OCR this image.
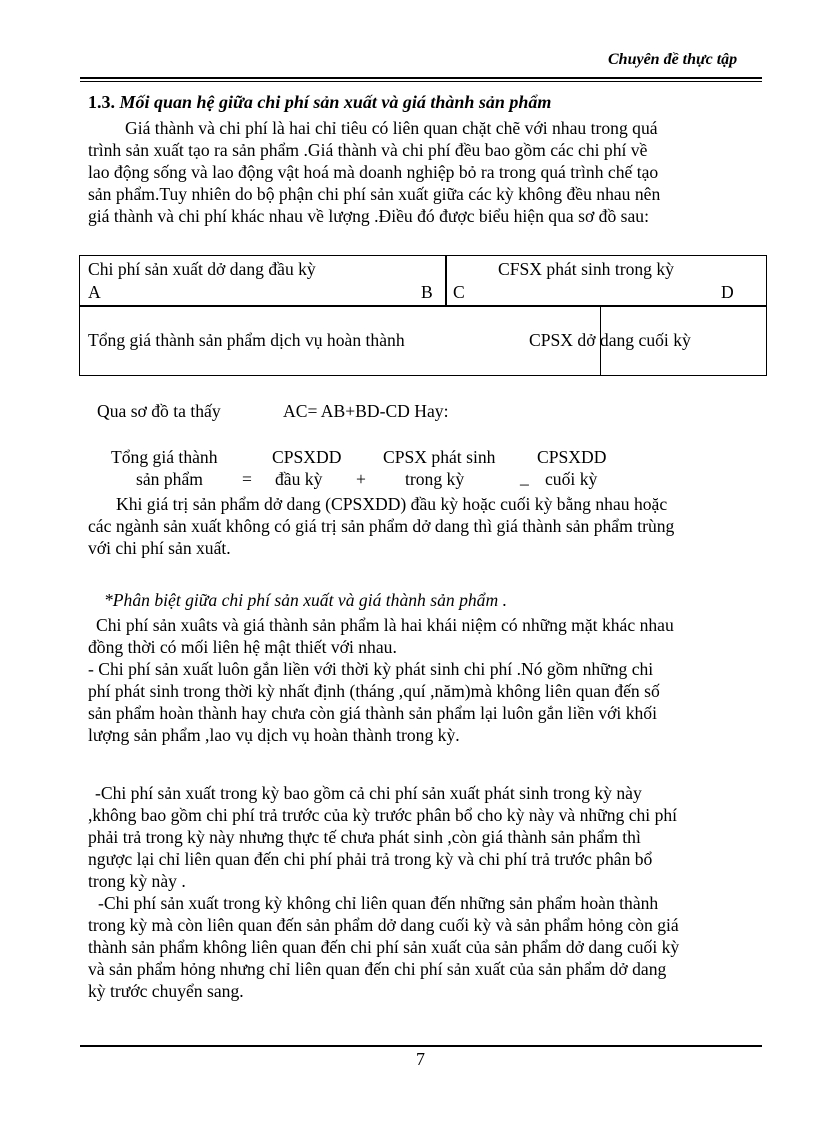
Chuyên đề thực tập
1.3. Mối quan hệ giữa chi phí sản xuất và giá thành sản phẩm
Giá thành và chi phí là hai chỉ tiêu có liên quan chặt chẽ với nhau trong quá
trình sản xuất tạo ra sản phẩm .Giá thành và chi phí đều bao gồm các chi phí về
lao động sống và lao động vật hoá mà doanh nghiệp bỏ ra trong quá trình chế tạo
sản phẩm.Tuy nhiên do bộ phận chi phí sản xuất giữa các kỳ không đều nhau nên
giá thành và chi phí khác nhau về lượng .Điều đó được biểu hiện qua sơ đồ sau:
Chi phí sản xuất dở dang đầu kỳ
A	B
CFSX phát sinh trong kỳ
C	D
Tổng giá thành sản phẩm dịch vụ hoàn thành	CPSX dở dang cuối kỳ
Qua sơ đồ ta thấy	AC= AB+BD-CD Hay:
Tổng giá thành
sản phẩm =
CPSXDD
đầu kỳ +
CPSX phát sinh
trong kỳ	_
CPSXDD
cuối kỳ
Khi giá trị sản phẩm dở dang (CPSXDD) đầu kỳ hoặc cuối kỳ bằng nhau hoặc
các ngành sản xuất không có giá trị sản phẩm dở dang thì giá thành sản phẩm trùng
với chi phí sản xuất.
*Phân biệt giữa chi phí sản xuất và giá thành sản phẩm .
Chi phí sản xuâts và giá thành sản phẩm là hai khái niệm có những mặt khác nhau
đồng thời có mối liên hệ mật thiết với nhau.
- Chi phí sản xuất luôn gắn liền với thời kỳ phát sinh chi phí .Nó gồm những chi
phí phát sinh trong thời kỳ nhất định (tháng ,quí ,năm)mà không liên quan đến số
sản phẩm hoàn thành hay chưa còn giá thành sản phẩm lại luôn gắn liền với khối
lượng sản phẩm ,lao vụ dịch vụ hoàn thành trong kỳ.
-Chi phí sản xuất trong kỳ bao gồm cả chi phí sản xuất phát sinh trong kỳ này
,không bao gồm chi phí trả trước của kỳ trước phân bổ cho kỳ này và những chi phí
phải trả trong kỳ này nhưng thực tế chưa phát sinh ,còn giá thành sản phẩm thì
ngược lại chỉ liên quan đến chi phí phải trả trong kỳ và chi phí trả trước phân bổ
trong kỳ này .
-Chi phí sản xuất trong kỳ không chỉ liên quan đến những sản phẩm hoàn thành
trong kỳ mà còn liên quan đến sản phẩm dở dang cuối kỳ và sản phẩm hỏng còn giá
thành sản phẩm không liên quan đến chi phí sản xuất của sản phẩm dở dang cuối kỳ
và sản phẩm hỏng nhưng chỉ liên quan đến chi phí sản xuất của sản phẩm dở dang
kỳ trước chuyển sang.
7
